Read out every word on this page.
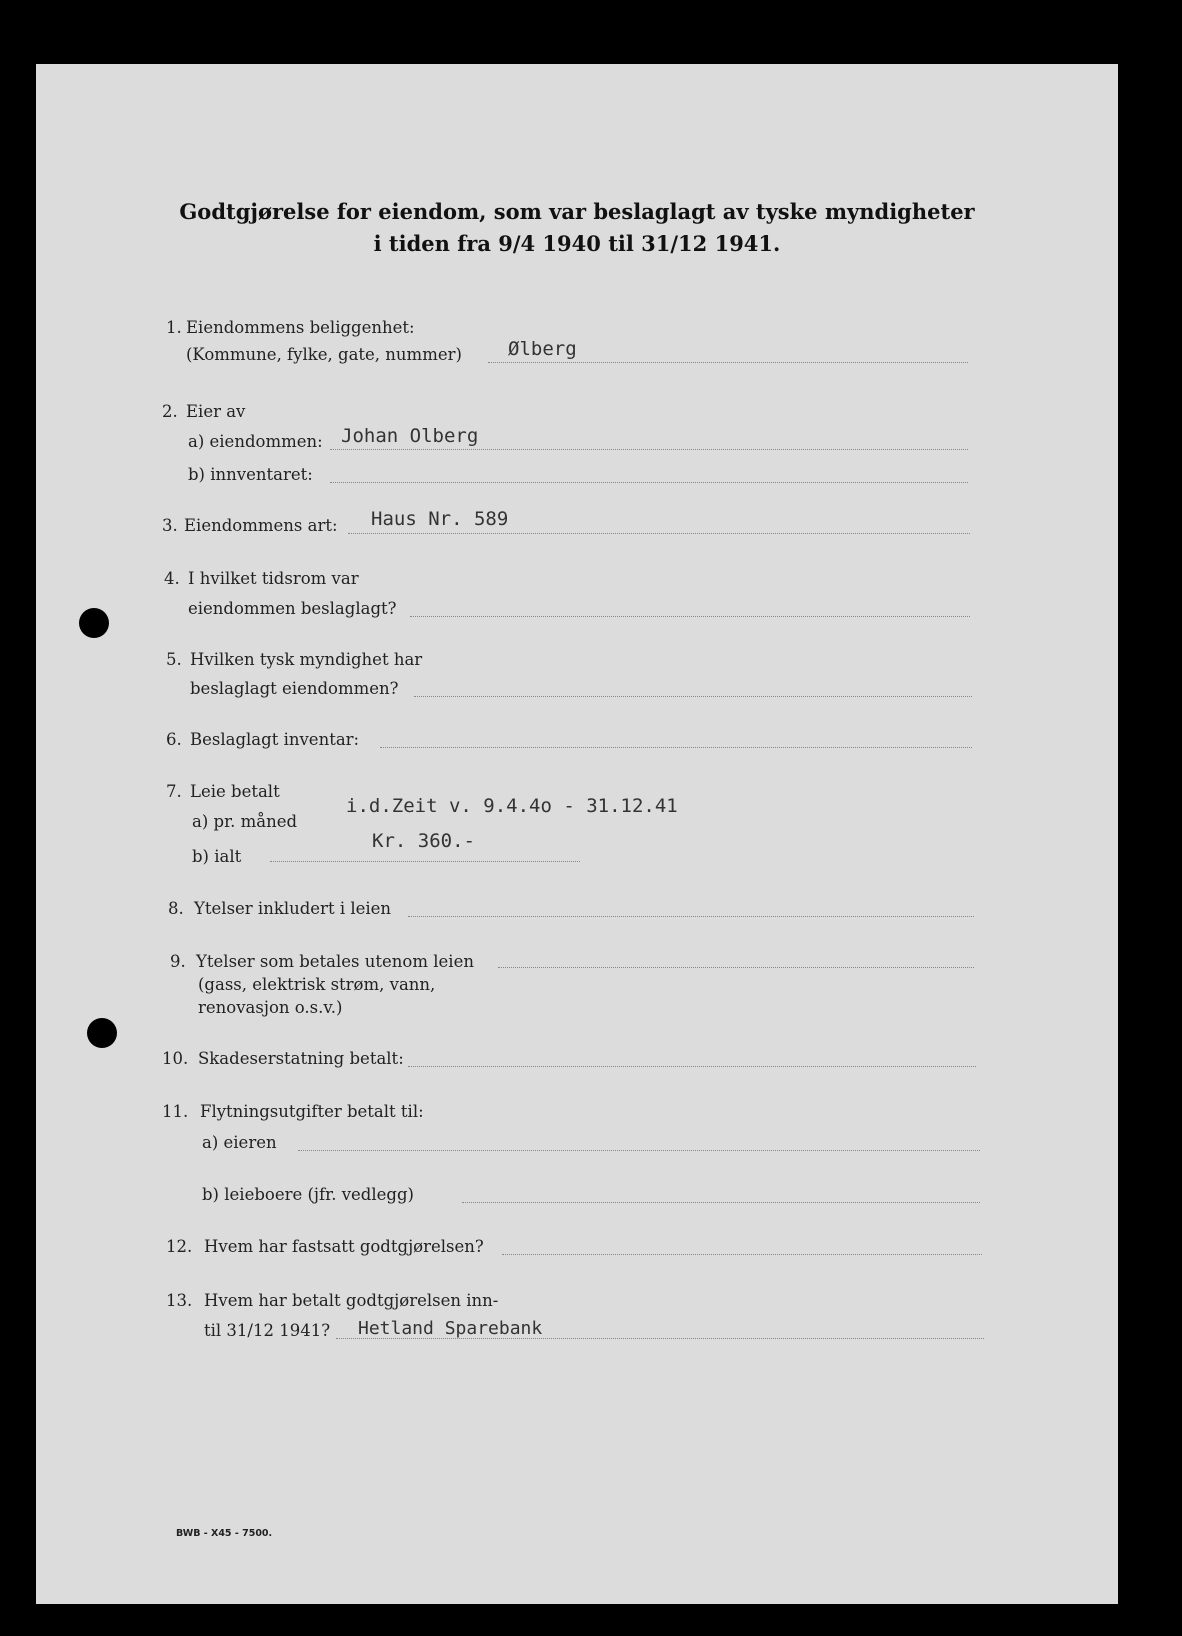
Godtgjørelse for eiendom, som var beslaglagt av tyske myndigheter
i tiden fra 9/4 1940 til 31/12 1941.
1. Eiendommens beliggenhet:
(Kommune, fylke, gate, nummer) Ølberg
2. Eier av
a) eiendommen: Johan Olberg
b) innventaret:
3. Eiendommens art: Haus Nr. 589
4. I hvilket tidsrom var
eiendommen beslaglagt?
5. Hvilken tysk myndighet har
beslaglagt eiendommen?
6. Beslaglagt inventar:
7. Leie betalt
a) pr. måned
i.d.Zeit v. 9.4.4o - 31.12.41
b) ialt
Kr. 360.-
8. Ytelser inkludert i leien
9. Ytelser som betales utenom leien
(gass, elektrisk strøm, vann,
renovasjon o.s.v.)
10. Skadeserstatning betalt:
11. Flytningsutgifter betalt til:
a) eieren
b) leieboere (jfr. vedlegg)
12. Hvem har fastsatt godtgjørelsen?
13. Hvem har betalt godtgjørelsen inn-
til 31/12 1941? Hetland Sparebank
BWB - X45 - 7500.
